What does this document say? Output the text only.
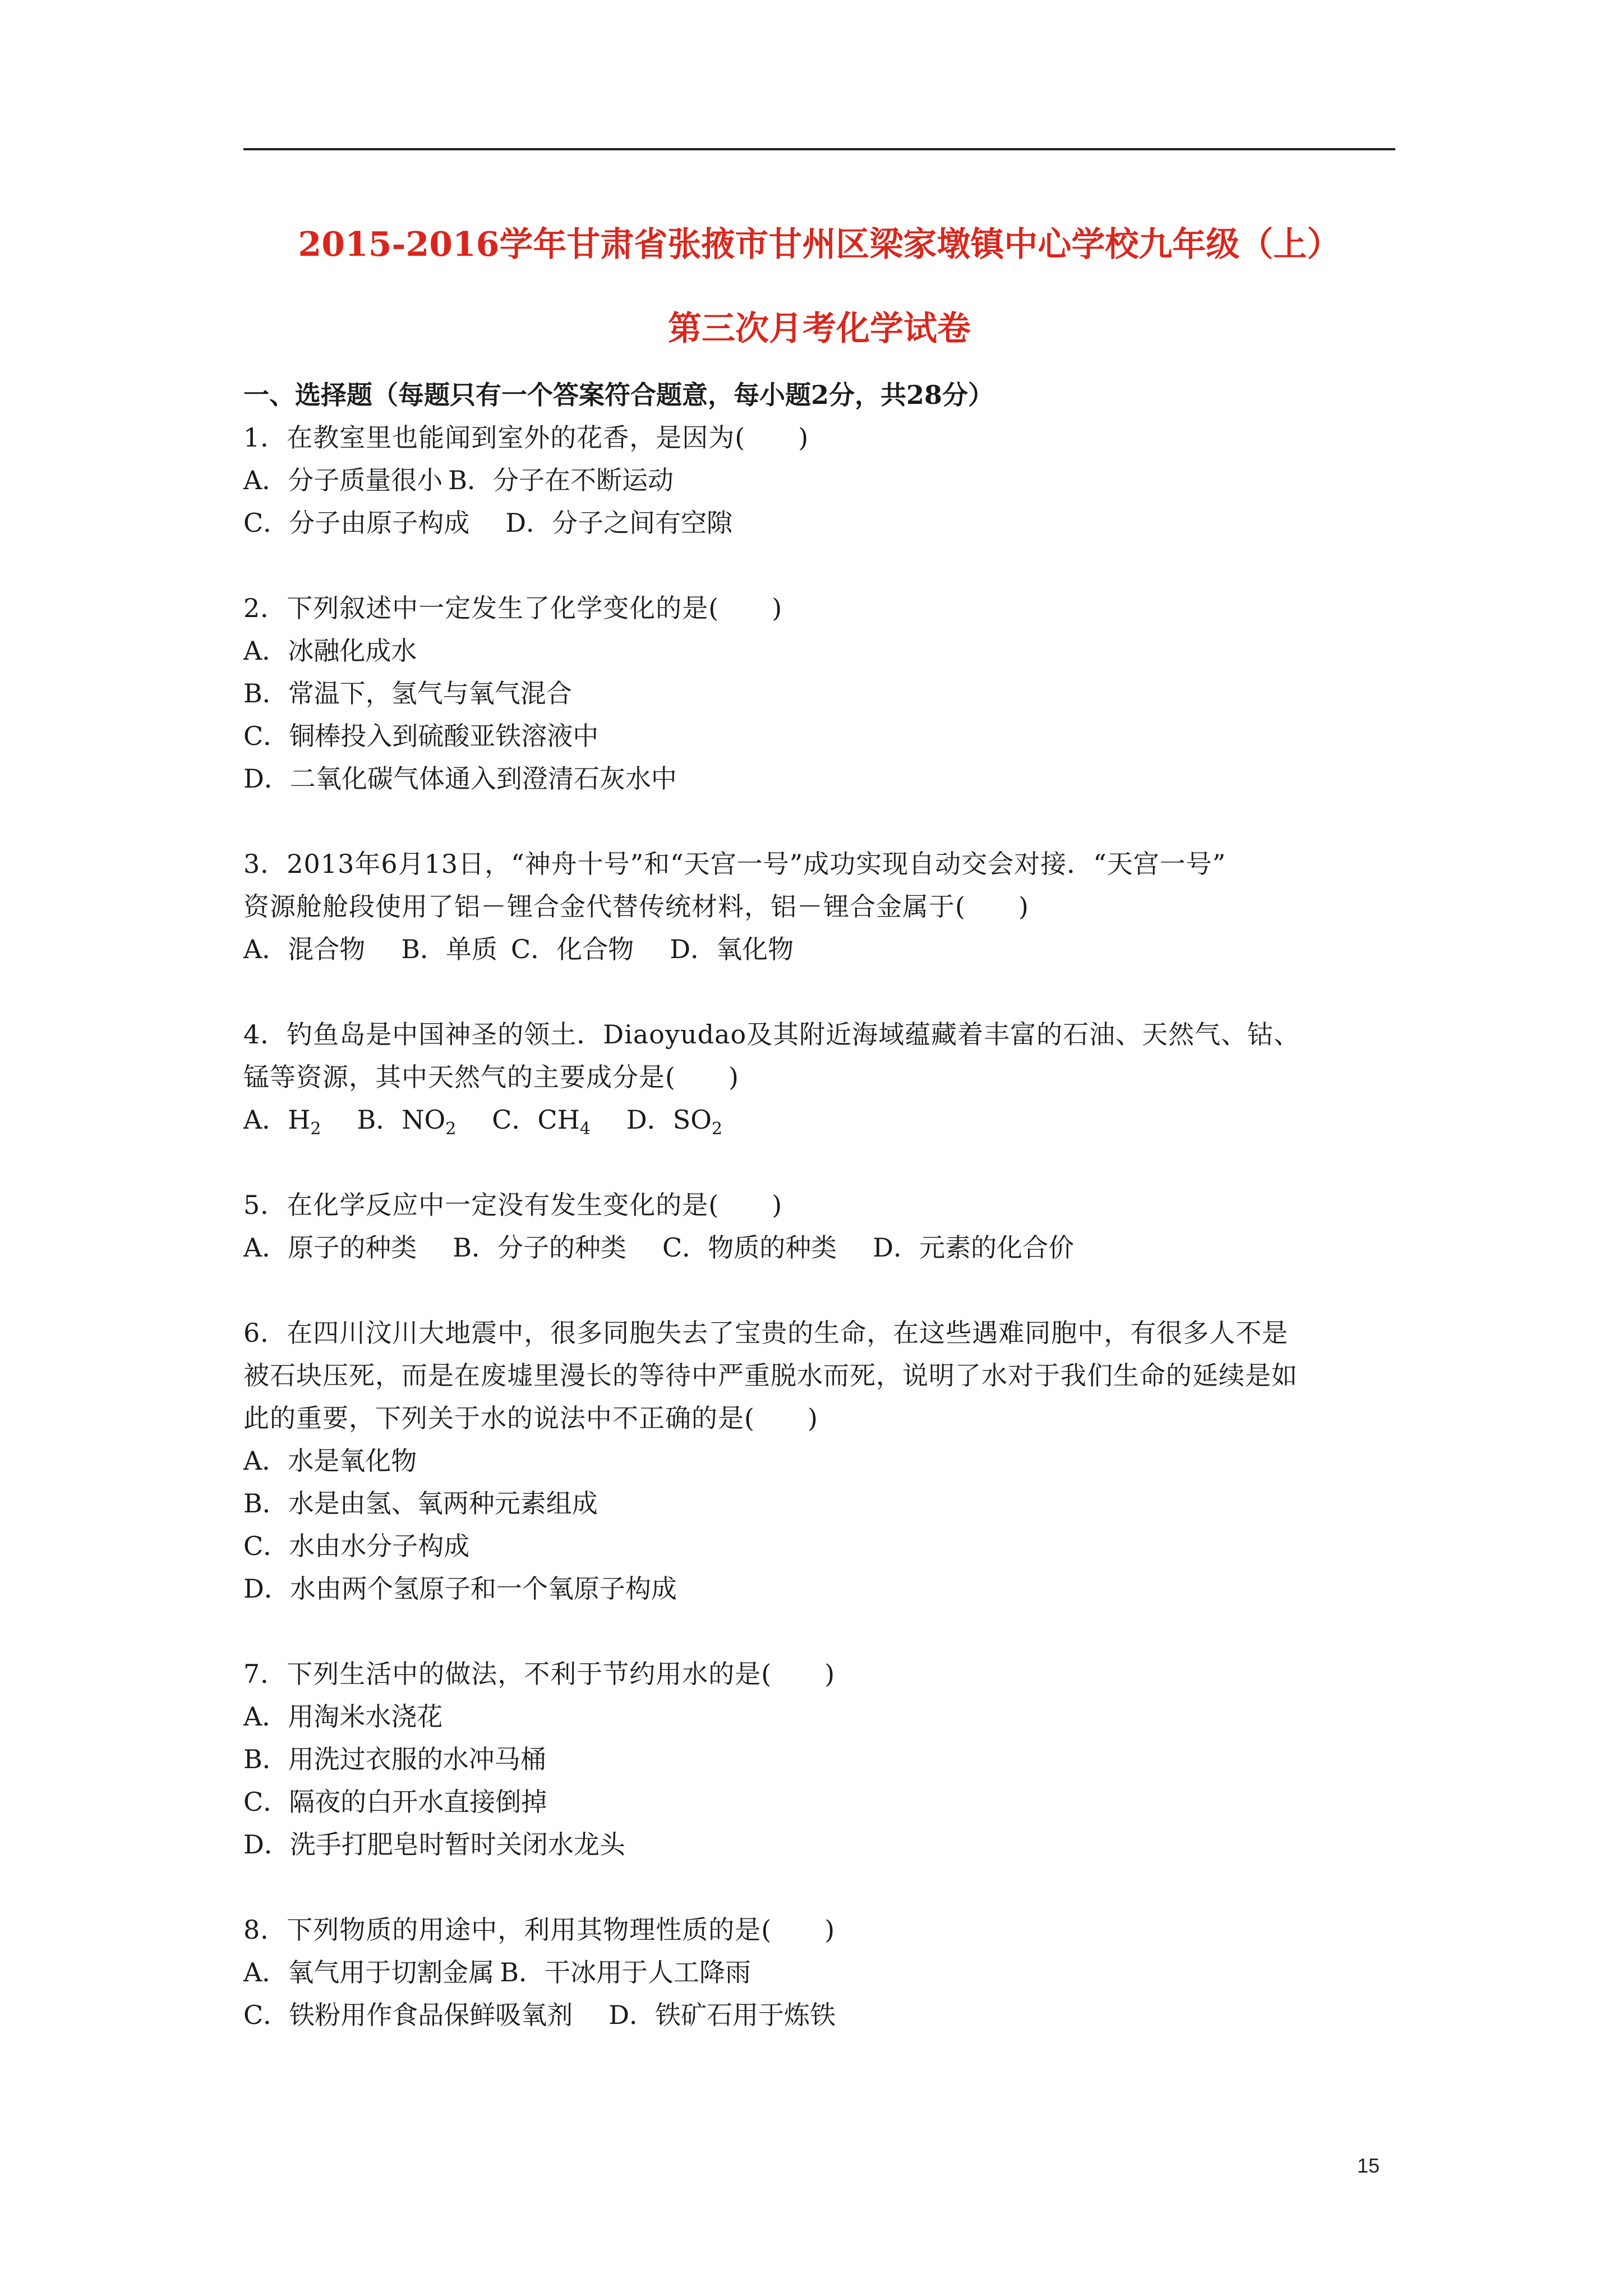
2015-2016学年甘肃省张掖市甘州区梁家墩镇中心学校九年级（上）
第三次月考化学试卷
一、选择题（每题只有一个答案符合题意，每小题2分，共28分）
1．在教室里也能闻到室外的花香，是因为(　　)
A．分子质量很小 B．分子在不断运动
C．分子由原子构成 D．分子之间有空隙
2．下列叙述中一定发生了化学变化的是(　　)
A．冰融化成水
B．常温下，氢气与氧气混合
C．铜棒投入到硫酸亚铁溶液中
D．二氧化碳气体通入到澄清石灰水中
3．2013年6月13日，“神舟十号”和“天宫一号”成功实现自动交会对接．“天宫一号”
资源舱舱段使用了铝－锂合金代替传统材料，铝－锂合金属于(　　)
A．混合物 B．单质 C．化合物 D．氧化物
4．钓鱼岛是中国神圣的领土．Diaoyudao及其附近海域蕴藏着丰富的石油、天然气、钴、
锰等资源，其中天然气的主要成分是(　　)
A．$H_2$ B．$NO_2$ C．$CH_4$ D．$SO_2$
5．在化学反应中一定没有发生变化的是(　　)
A．原子的种类 B．分子的种类 C．物质的种类 D．元素的化合价
6．在四川汶川大地震中，很多同胞失去了宝贵的生命，在这些遇难同胞中，有很多人不是
被石块压死，而是在废墟里漫长的等待中严重脱水而死，说明了水对于我们生命的延续是如
此的重要，下列关于水的说法中不正确的是(　　)
A．水是氧化物
B．水是由氢、氧两种元素组成
C．水由水分子构成
D．水由两个氢原子和一个氧原子构成
7．下列生活中的做法，不利于节约用水的是(　　)
A．用淘米水浇花
B．用洗过衣服的水冲马桶
C．隔夜的白开水直接倒掉
D．洗手打肥皂时暂时关闭水龙头
8．下列物质的用途中，利用其物理性质的是(　　)
A．氧气用于切割金属 B．干冰用于人工降雨
C．铁粉用作食品保鲜吸氧剂 D．铁矿石用于炼铁
15
